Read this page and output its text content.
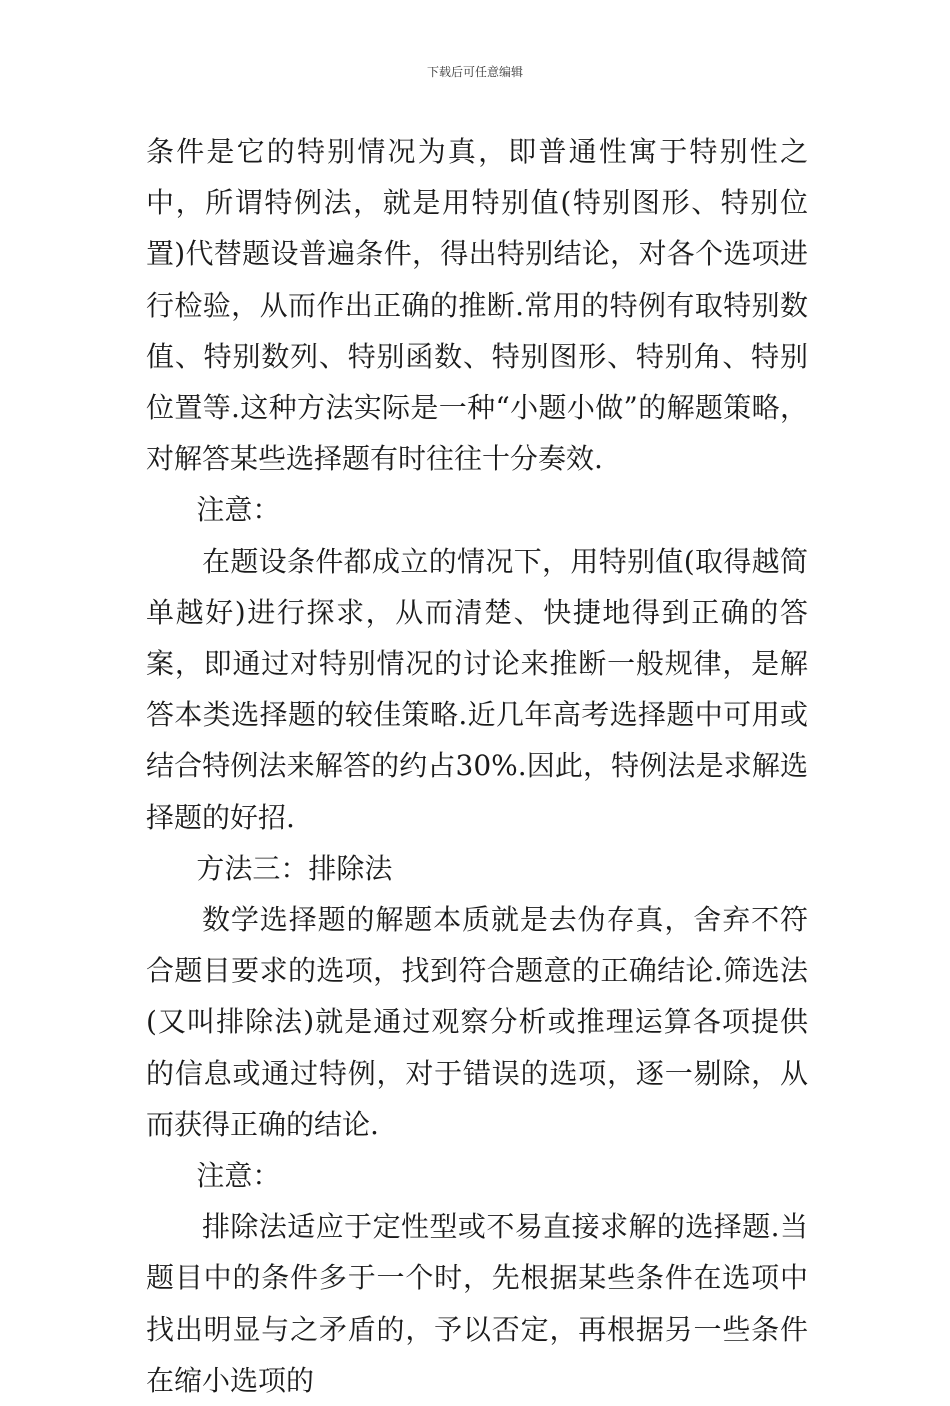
下载后可任意编辑

条件是它的特别情况为真，即普通性寓于特别性之中，所谓特例法，就是用特别值(特别图形、特别位置)代替题设普遍条件，得出特别结论，对各个选项进行检验，从而作出正确的推断.常用的特例有取特别数值、特别数列、特别函数、特别图形、特别角、特别位置等.这种方法实际是一种“小题小做”的解题策略，对解答某些选择题有时往往十分奏效.

注意：

在题设条件都成立的情况下，用特别值(取得越简单越好)进行探求，从而清楚、快捷地得到正确的答案，即通过对特别情况的讨论来推断一般规律，是解答本类选择题的较佳策略.近几年高考选择题中可用或结合特例法来解答的约占30%.因此，特例法是求解选择题的好招.

方法三：排除法

数学选择题的解题本质就是去伪存真，舍弃不符合题目要求的选项，找到符合题意的正确结论.筛选法(又叫排除法)就是通过观察分析或推理运算各项提供的信息或通过特例，对于错误的选项，逐一剔除，从而获得正确的结论.

注意：

排除法适应于定性型或不易直接求解的选择题.当题目中的条件多于一个时，先根据某些条件在选项中找出明显与之矛盾的，予以否定，再根据另一些条件在缩小选项的
